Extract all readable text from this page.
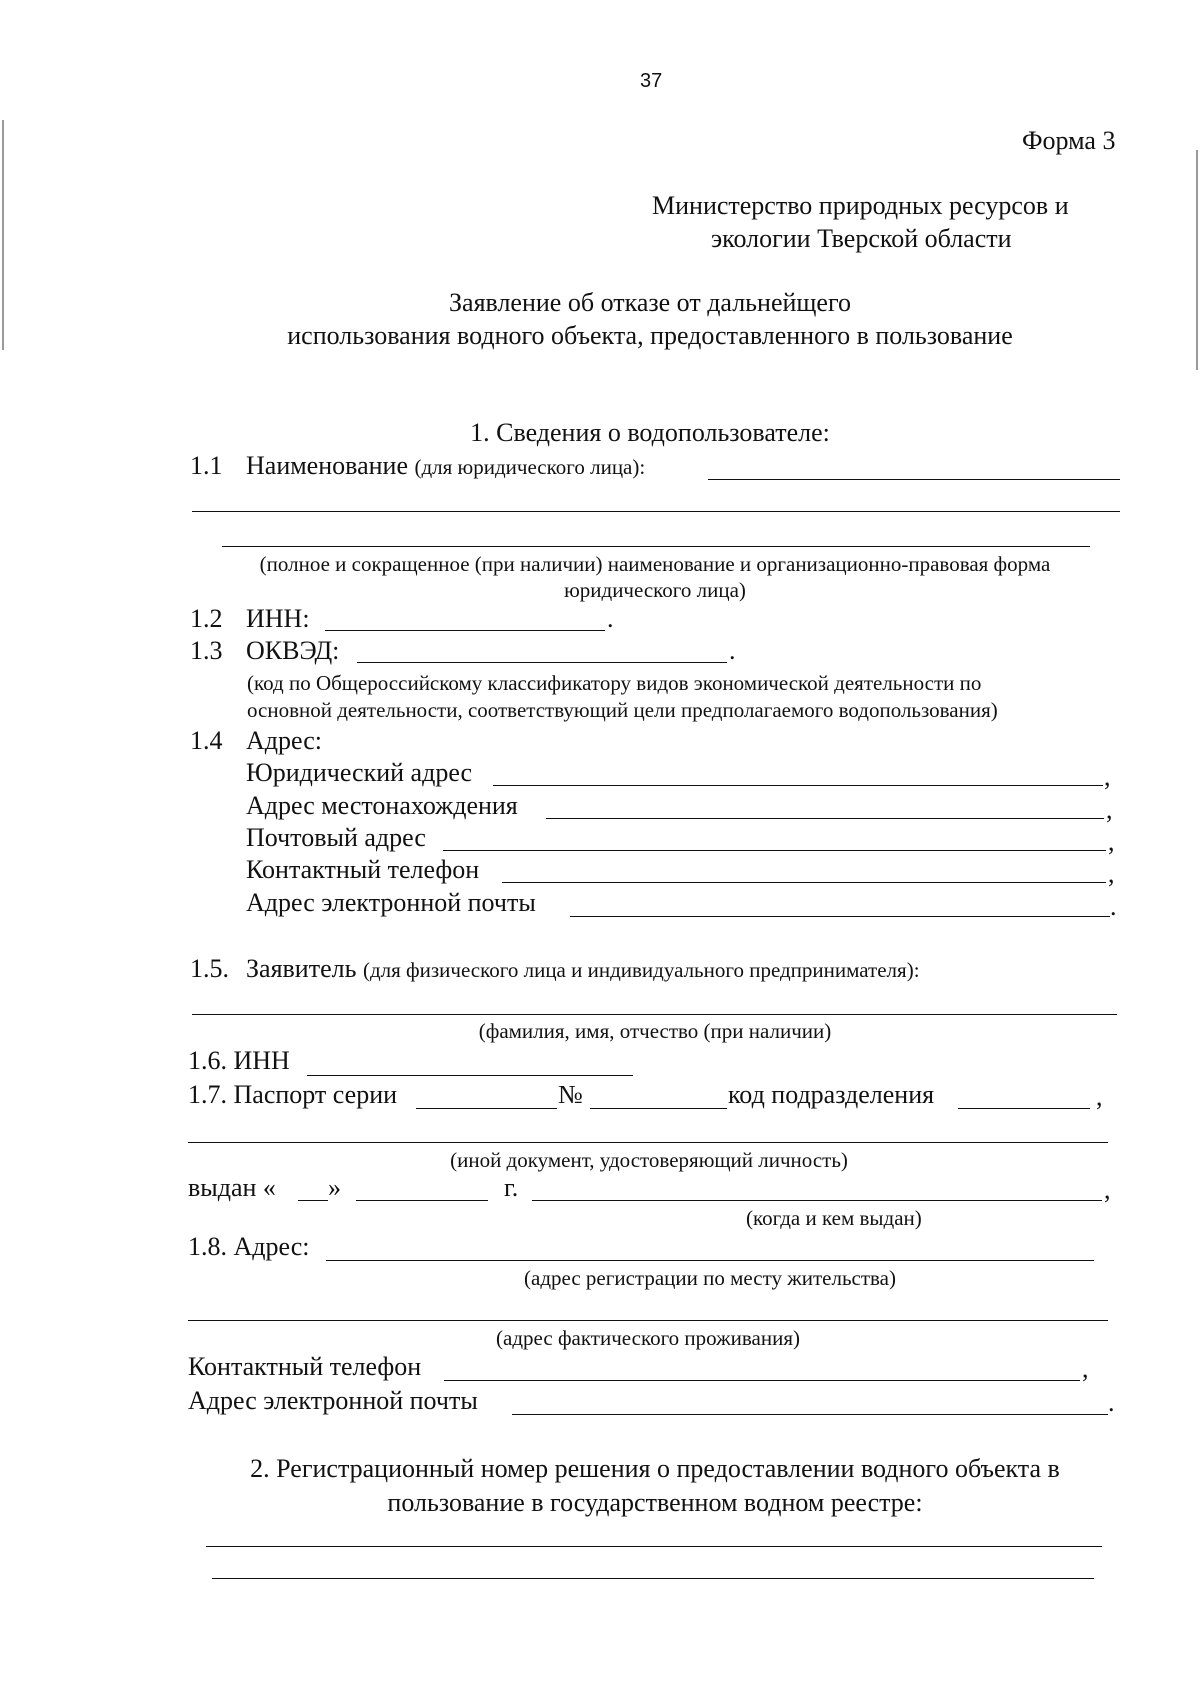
37
Форма 3
Министерство природных ресурсов и
экологии Тверской области
Заявление об отказе от дальнейщего
использования водного объекта, предоставленного в пользование
1. Сведения о водопользователе:
1.1 Наименование (для юридического лица):
(полное и сокращенное (при наличии) наименование и организационно-правовая форма
юридического лица)
1.2 ИНН:	.
1.3 ОКВЭД:	.
(код по Общероссийскому классификатору видов экономической деятельности по
основной деятельности, соответствующий цели предполагаемого водопользования)
1.4 Адрес:
Юридический адрес	,
Адрес местонахождения	,
Почтовый адрес	,
Контактный телефон	,
Адрес электронной почты	.
1.5. Заявитель (для физического лица и индивидуального предпринимателя):
(фамилия, имя, отчество (при наличии)
1.6. ИНН
1.7. Паспорт серии	№	код подразделения	,
(иной документ, удостоверяющий личность)
выдан « »	г.	,
(когда и кем выдан)
1.8. Адрес:
(адрес регистрации по месту жительства)
(адрес фактического проживания)
Контактный телефон	,
Адрес электронной почты	.
2. Регистрационный номер решения о предоставлении водного объекта в
пользование в государственном водном реестре:
